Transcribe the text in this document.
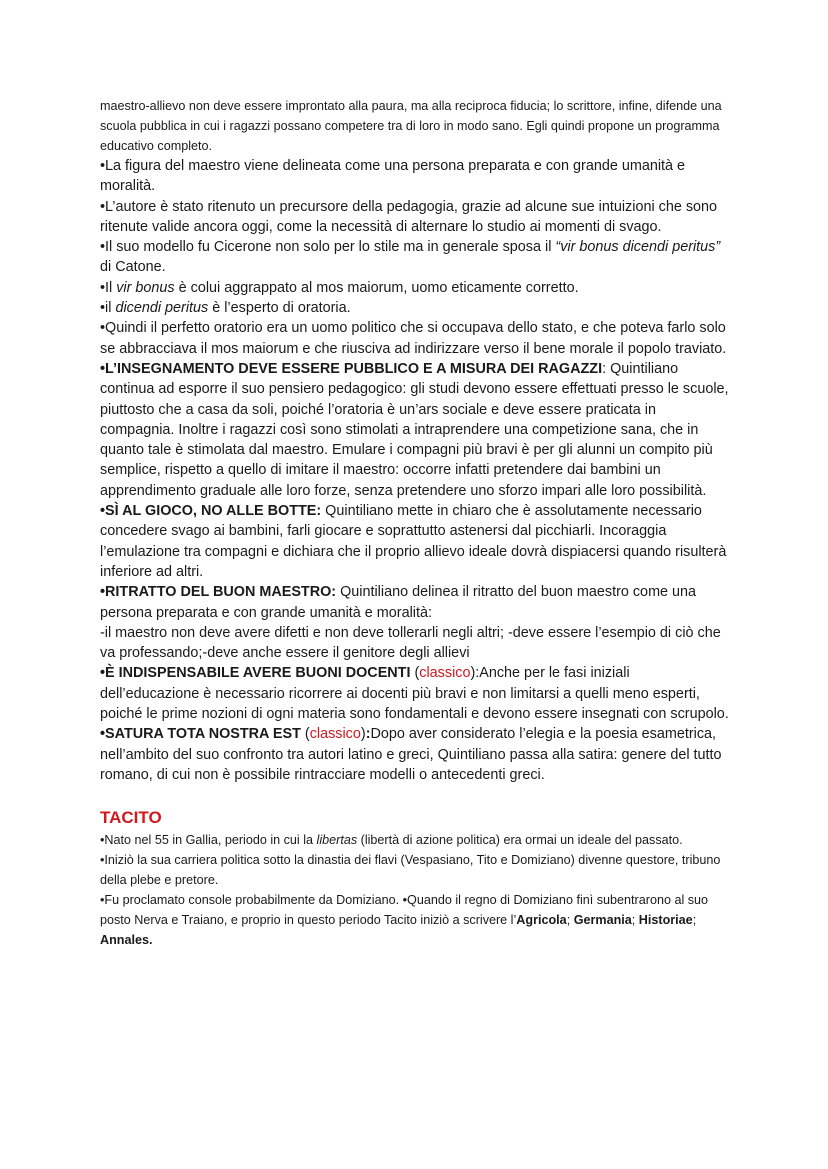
maestro-allievo non deve essere improntato alla paura, ma alla reciproca fiducia; lo scrittore, infine, difende una scuola pubblica in cui i ragazzi possano competere tra di loro in modo sano. Egli quindi propone un programma educativo completo.

•La figura del maestro viene delineata come una persona preparata e con grande umanità e moralità.

•L’autore è stato ritenuto un precursore della pedagogia, grazie ad alcune sue intuizioni che sono ritenute valide ancora oggi, come la necessità di alternare lo studio ai momenti di svago.

•Il suo modello fu Cicerone non solo per lo stile ma in generale sposa il “vir bonus dicendi peritus” di Catone.

•Il vir bonus è colui aggrappato al mos maiorum, uomo eticamente corretto.

•il dicendi peritus è l’esperto di oratoria.

•Quindi il perfetto oratorio era un uomo politico che si occupava dello stato, e che poteva farlo solo se abbracciava il mos maiorum e che riusciva ad indirizzare verso il bene morale il popolo traviato.

•L’INSEGNAMENTO DEVE ESSERE PUBBLICO E A MISURA DEI RAGAZZI: Quintiliano continua ad esporre il suo pensiero pedagogico: gli studi devono essere effettuati presso le scuole, piuttosto che a casa da soli, poiché l’oratoria è un’ars sociale e deve essere praticata in compagnia. Inoltre i ragazzi così sono stimolati a intraprendere una competizione sana, che in quanto tale è stimolata dal maestro. Emulare i compagni più bravi è per gli alunni un compito più semplice, rispetto a quello di imitare il maestro: occorre infatti pretendere dai bambini un apprendimento graduale alle loro forze, senza pretendere uno sforzo impari alle loro possibilità.

•SÌ AL GIOCO, NO ALLE BOTTE: Quintiliano mette in chiaro che è assolutamente necessario concedere svago ai bambini, farli giocare e soprattutto astenersi dal picchiarli. Incoraggia l’emulazione tra compagni e dichiara che il proprio allievo ideale dovrà dispiacersi quando risulterà inferiore ad altri.

•RITRATTO DEL BUON MAESTRO: Quintiliano delinea il ritratto del buon maestro come una persona preparata e con grande umanità e moralità:

-il maestro non deve avere difetti e non deve tollerarli negli altri; -deve essere l’esempio di ciò che va professando;-deve anche essere il genitore degli allievi

•È INDISPENSABILE AVERE BUONI DOCENTI (classico):Anche per le fasi iniziali dell’educazione è necessario ricorrere ai docenti più bravi e non limitarsi a quelli meno esperti, poiché le prime nozioni di ogni materia sono fondamentali e devono essere insegnati con scrupolo.

•SATURA TOTA NOSTRA EST (classico):Dopo aver considerato l’elegia e la poesia esametrica, nell’ambito del suo confronto tra autori latino e greci, Quintiliano passa alla satira: genere del tutto romano, di cui non è possibile rintracciare modelli o antecedenti greci.

TACITO

•Nato nel 55 in Gallia, periodo in cui la libertas (libertà di azione politica) era ormai un ideale del passato.

•Iniziò la sua carriera politica sotto la dinastia dei flavi (Vespasiano, Tito e Domiziano) divenne questore, tribuno della plebe e pretore.

•Fu proclamato console probabilmente da Domiziano. •Quando il regno di Domiziano finì subentrarono al suo posto Nerva e Traiano, e proprio in questo periodo Tacito iniziò a scrivere l’Agricola; Germania; Historiae; Annales.
